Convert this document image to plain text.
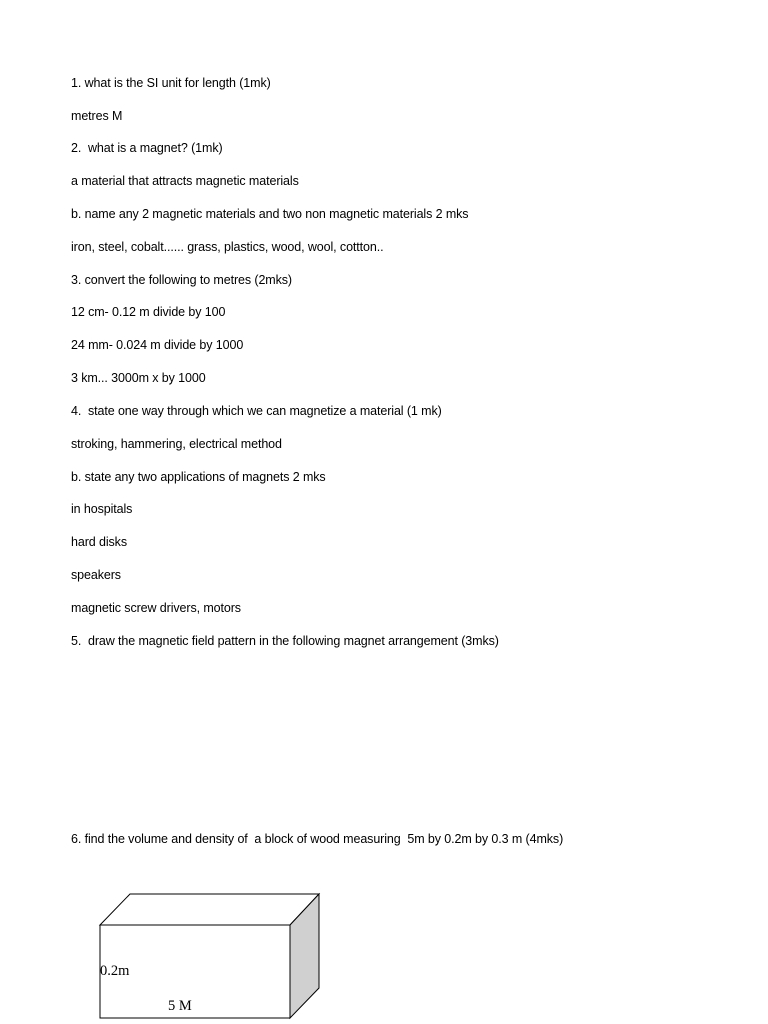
1. what is the SI unit for length (1mk)
metres M
2.  what is a magnet? (1mk)
a material that attracts magnetic materials
b. name any 2 magnetic materials and two non magnetic materials 2 mks
iron, steel, cobalt...... grass, plastics, wood, wool, cottton..
3. convert the following to metres (2mks)
12 cm- 0.12 m divide by 100
24 mm- 0.024 m divide by 1000
3 km... 3000m x by 1000
4.  state one way through which we can magnetize a material (1 mk)
stroking, hammering, electrical method
b. state any two applications of magnets 2 mks
in hospitals
hard disks
speakers
magnetic screw drivers, motors
5.  draw the magnetic field pattern in the following magnet arrangement (3mks)
6. find the volume and density of  a block of wood measuring  5m by 0.2m by 0.3 m (4mks)
0.2m
5 M
